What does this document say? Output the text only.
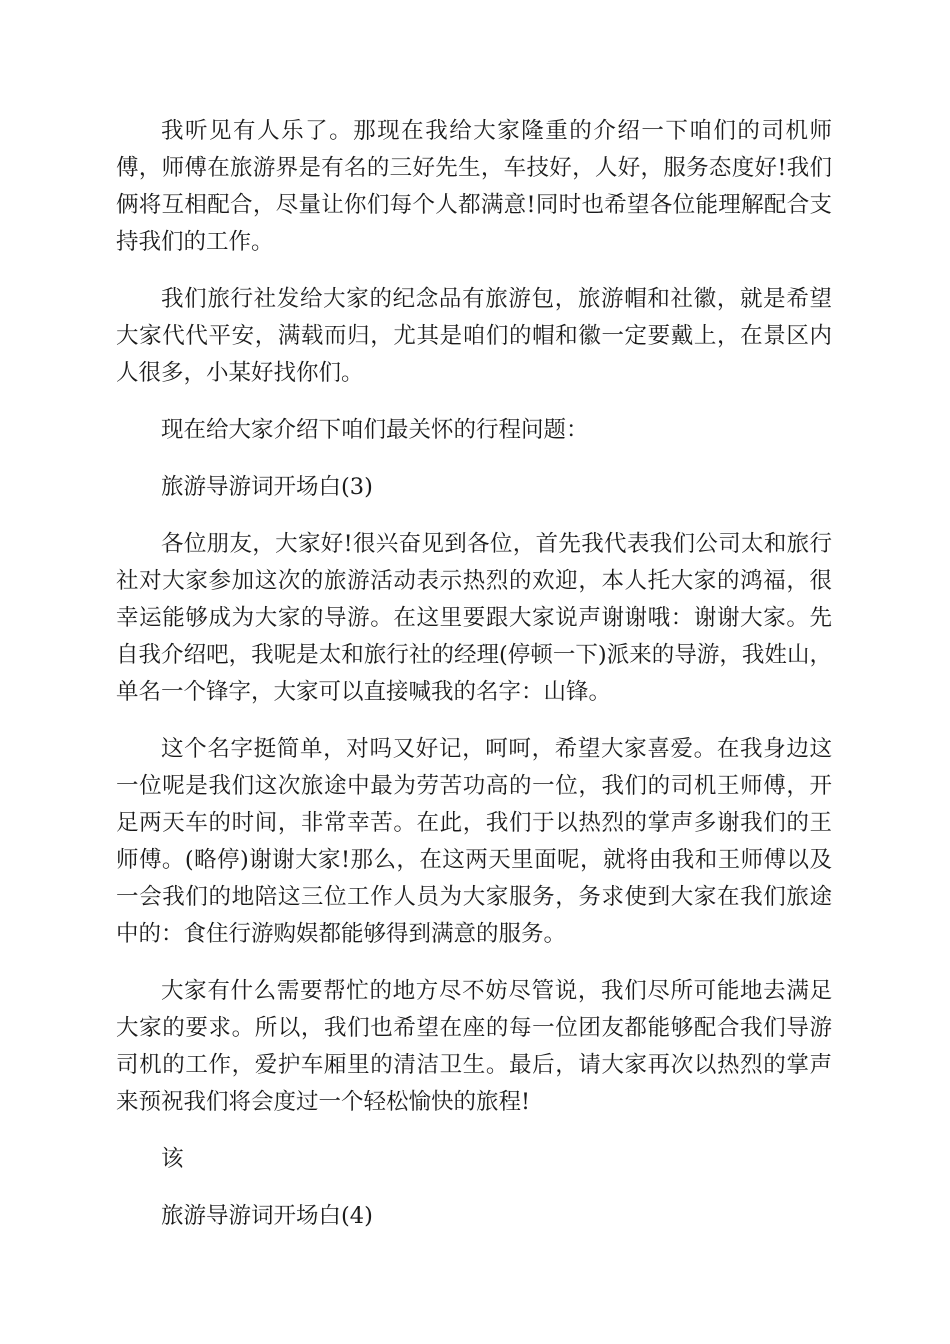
我听见有人乐了。那现在我给大家隆重的介绍一下咱们的司机师傅，师傅在旅游界是有名的三好先生，车技好，人好，服务态度好!我们俩将互相配合，尽量让你们每个人都满意!同时也希望各位能理解配合支持我们的工作。

我们旅行社发给大家的纪念品有旅游包，旅游帽和社徽，就是希望大家代代平安，满载而归，尤其是咱们的帽和徽一定要戴上，在景区内人很多，小某好找你们。

现在给大家介绍下咱们最关怀的行程问题：

旅游导游词开场白(3)

各位朋友，大家好!很兴奋见到各位，首先我代表我们公司太和旅行社对大家参加这次的旅游活动表示热烈的欢迎，本人托大家的鸿福，很幸运能够成为大家的导游。在这里要跟大家说声谢谢哦：谢谢大家。先自我介绍吧，我呢是太和旅行社的经理(停顿一下)派来的导游，我姓山，单名一个锋字，大家可以直接喊我的名字：山锋。

这个名字挺简单，对吗又好记，呵呵，希望大家喜爱。在我身边这一位呢是我们这次旅途中最为劳苦功高的一位，我们的司机王师傅，开足两天车的时间，非常幸苦。在此，我们于以热烈的掌声多谢我们的王师傅。(略停)谢谢大家!那么，在这两天里面呢，就将由我和王师傅以及一会我们的地陪这三位工作人员为大家服务，务求使到大家在我们旅途中的：食住行游购娱都能够得到满意的服务。

大家有什么需要帮忙的地方尽不妨尽管说，我们尽所可能地去满足大家的要求。所以，我们也希望在座的每一位团友都能够配合我们导游司机的工作，爱护车厢里的清洁卫生。最后，请大家再次以热烈的掌声来预祝我们将会度过一个轻松愉快的旅程!

该

旅游导游词开场白(4)
